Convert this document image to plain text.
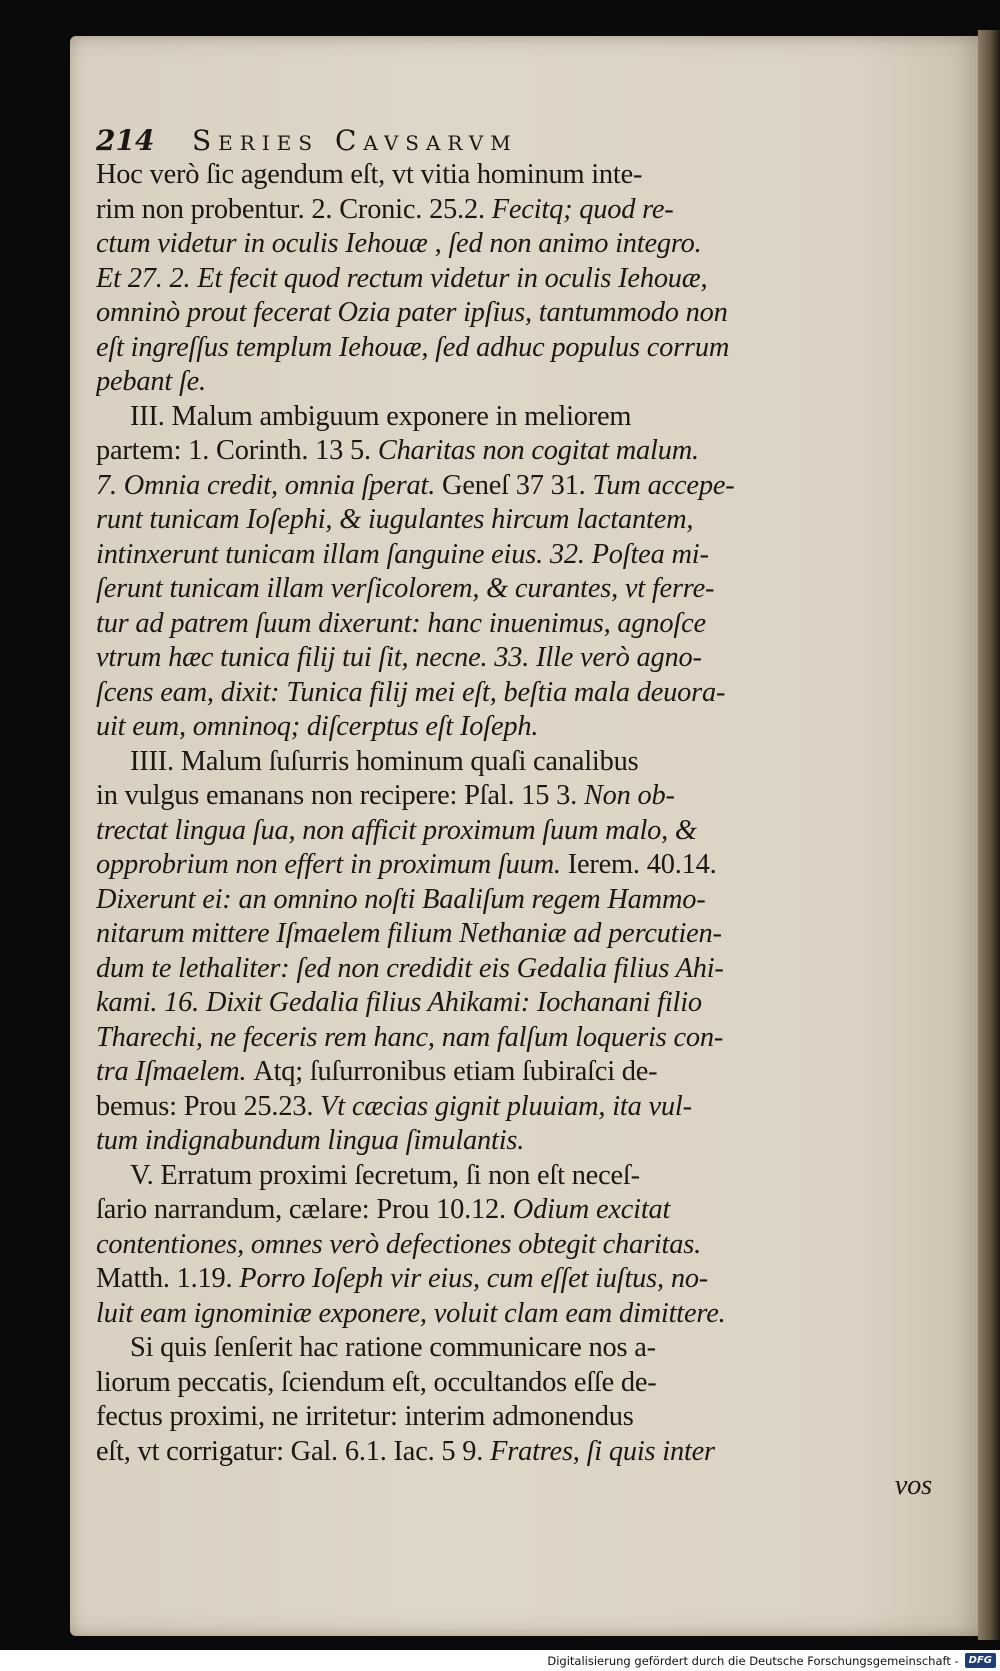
214	Series Cavsarvm
Hoc verò ſic agendum eſt, vt vitia hominum inte-
rim non probentur. 2. Cronic. 25.2. Fecitq; quod re-
ctum videtur in oculis Iehouæ , ſed non animo integro.
Et 27. 2. Et fecit quod rectum videtur in oculis Iehouæ,
omninò prout fecerat Ozia pater ipſius, tantummodo non
eſt ingreſſus templum Iehouæ, ſed adhuc populus corrum
pebant ſe.
III. Malum ambiguum exponere in meliorem
partem: 1. Corinth. 13 5. Charitas non cogitat malum.
7. Omnia credit, omnia ſperat. Geneſ 37 31. Tum accepe-
runt tunicam Ioſephi, & iugulantes hircum lactantem,
intinxerunt tunicam illam ſanguine eius. 32. Poſtea mi-
ſerunt tunicam illam verſicolorem, & curantes, vt ferre-
tur ad patrem ſuum dixerunt: hanc inuenimus, agnoſce
vtrum hæc tunica filij tui ſit, necne. 33. Ille verò agno-
ſcens eam, dixit: Tunica filij mei eſt, beſtia mala deuora-
uit eum, omninoq; diſcerptus eſt Ioſeph.
IIII. Malum ſuſurris hominum quaſi canalibus
in vulgus emanans non recipere: Pſal. 15 3. Non ob-
trectat lingua ſua, non afficit proximum ſuum malo, &
opprobrium non effert in proximum ſuum. Ierem. 40.14.
Dixerunt ei: an omnino noſti Baaliſum regem Hammo-
nitarum mittere Iſmaelem filium Nethaniæ ad percutien-
dum te lethaliter: ſed non credidit eis Gedalia filius Ahi-
kami. 16. Dixit Gedalia filius Ahikami: Iochanani filio
Tharechi, ne feceris rem hanc, nam falſum loqueris con-
tra Iſmaelem. Atq; ſuſurronibus etiam ſubiraſci de-
bemus: Prou 25.23. Vt cæcias gignit pluuiam, ita vul-
tum indignabundum lingua ſimulantis.
V. Erratum proximi ſecretum, ſi non eſt neceſ-
ſario narrandum, cælare: Prou 10.12. Odium excitat
contentiones, omnes verò defectiones obtegit charitas.
Matth. 1.19. Porro Ioſeph vir eius, cum eſſet iuſtus, no-
luit eam ignominiæ exponere, voluit clam eam dimittere.
Si quis ſenſerit hac ratione communicare nos a-
liorum peccatis, ſciendum eſt, occultandos eſſe de-
fectus proximi, ne irritetur: interim admonendus
eſt, vt corrigatur: Gal. 6.1. Iac. 5 9. Fratres, ſi quis inter
vos
Digitalisierung gefördert durch die Deutsche Forschungsgemeinschaft -	DFG
